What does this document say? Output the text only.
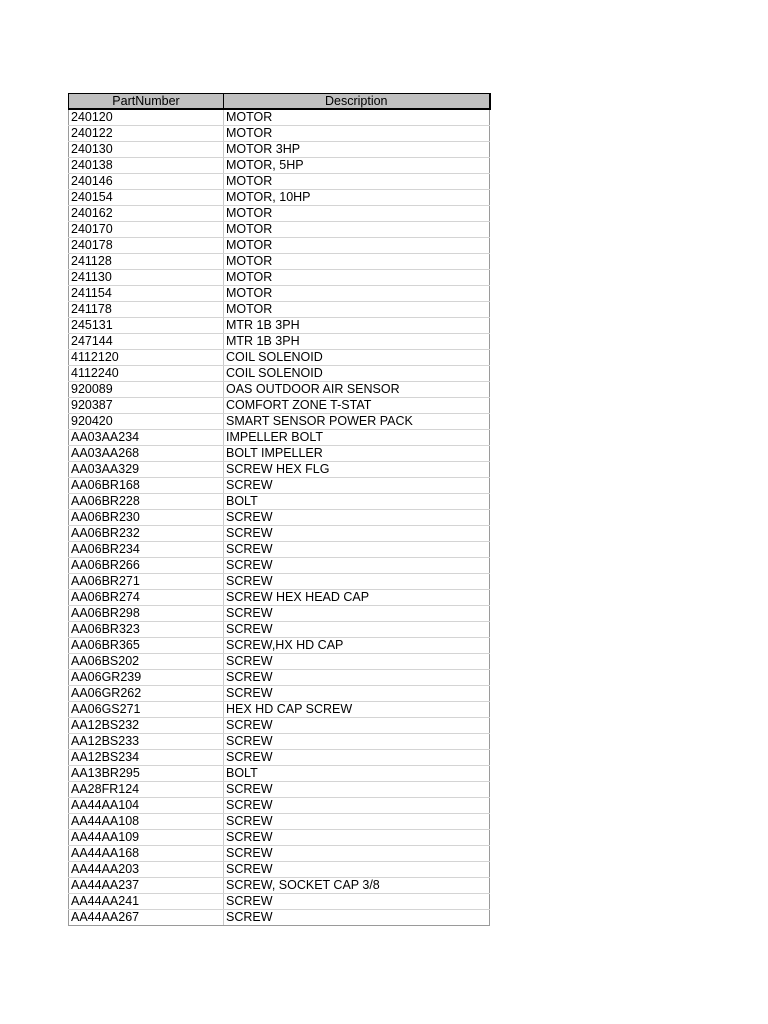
PartNumber	Description
240120	MOTOR
240122	MOTOR
240130	MOTOR 3HP
240138	MOTOR, 5HP
240146	MOTOR
240154	MOTOR, 10HP
240162	MOTOR
240170	MOTOR
240178	MOTOR
241128	MOTOR
241130	MOTOR
241154	MOTOR
241178	MOTOR
245131	MTR 1B 3PH
247144	MTR 1B 3PH
4112120	COIL SOLENOID
4112240	COIL SOLENOID
920089	OAS OUTDOOR AIR SENSOR
920387	COMFORT ZONE T-STAT
920420	SMART SENSOR POWER PACK
AA03AA234	IMPELLER BOLT
AA03AA268	BOLT IMPELLER
AA03AA329	SCREW HEX FLG
AA06BR168	SCREW
AA06BR228	BOLT
AA06BR230	SCREW
AA06BR232	SCREW
AA06BR234	SCREW
AA06BR266	SCREW
AA06BR271	SCREW
AA06BR274	SCREW HEX HEAD CAP
AA06BR298	SCREW
AA06BR323	SCREW
AA06BR365	SCREW,HX HD CAP
AA06BS202	SCREW
AA06GR239	SCREW
AA06GR262	SCREW
AA06GS271	HEX HD CAP SCREW
AA12BS232	SCREW
AA12BS233	SCREW
AA12BS234	SCREW
AA13BR295	BOLT
AA28FR124	SCREW
AA44AA104	SCREW
AA44AA108	SCREW
AA44AA109	SCREW
AA44AA168	SCREW
AA44AA203	SCREW
AA44AA237	SCREW, SOCKET CAP 3/8
AA44AA241	SCREW
AA44AA267	SCREW
